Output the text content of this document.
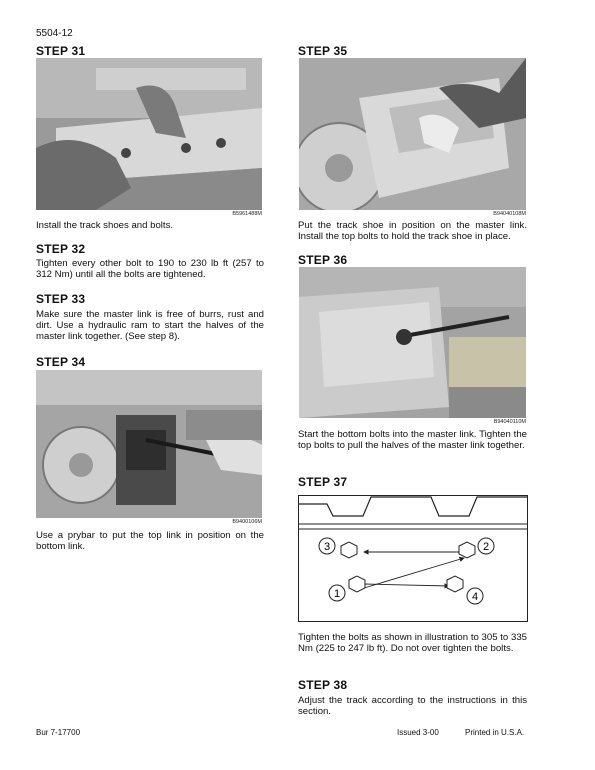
5504-12
STEP 31
B5961488M
Install the track shoes and bolts.
STEP 32
Tighten every other bolt to 190 to 230 lb ft (257 to 312 Nm) until all the bolts are tightened.
STEP 33
Make sure the master link is free of burrs, rust and dirt. Use a hydraulic ram to start the halves of the master link together. (See step 8).
STEP 34
B9400106M
Use a prybar to put the top link in position on the bottom link.
STEP 35
B94040108M
Put the track shoe in position on the master link. Install the top bolts to hold the track shoe in place.
STEP 36
B94040110M
Start the bottom bolts into the master link. Tighten the top bolts to pull the halves of the master link together.
STEP 37
3	2
1	4
Tighten the bolts as shown in illustration to 305 to 335 Nm (225 to 247 lb ft). Do not over tighten the bolts.
STEP 38
Adjust the track according to the instructions in this section.
Bur 7-17700	Issued 3-00	Printed in U.S.A.
